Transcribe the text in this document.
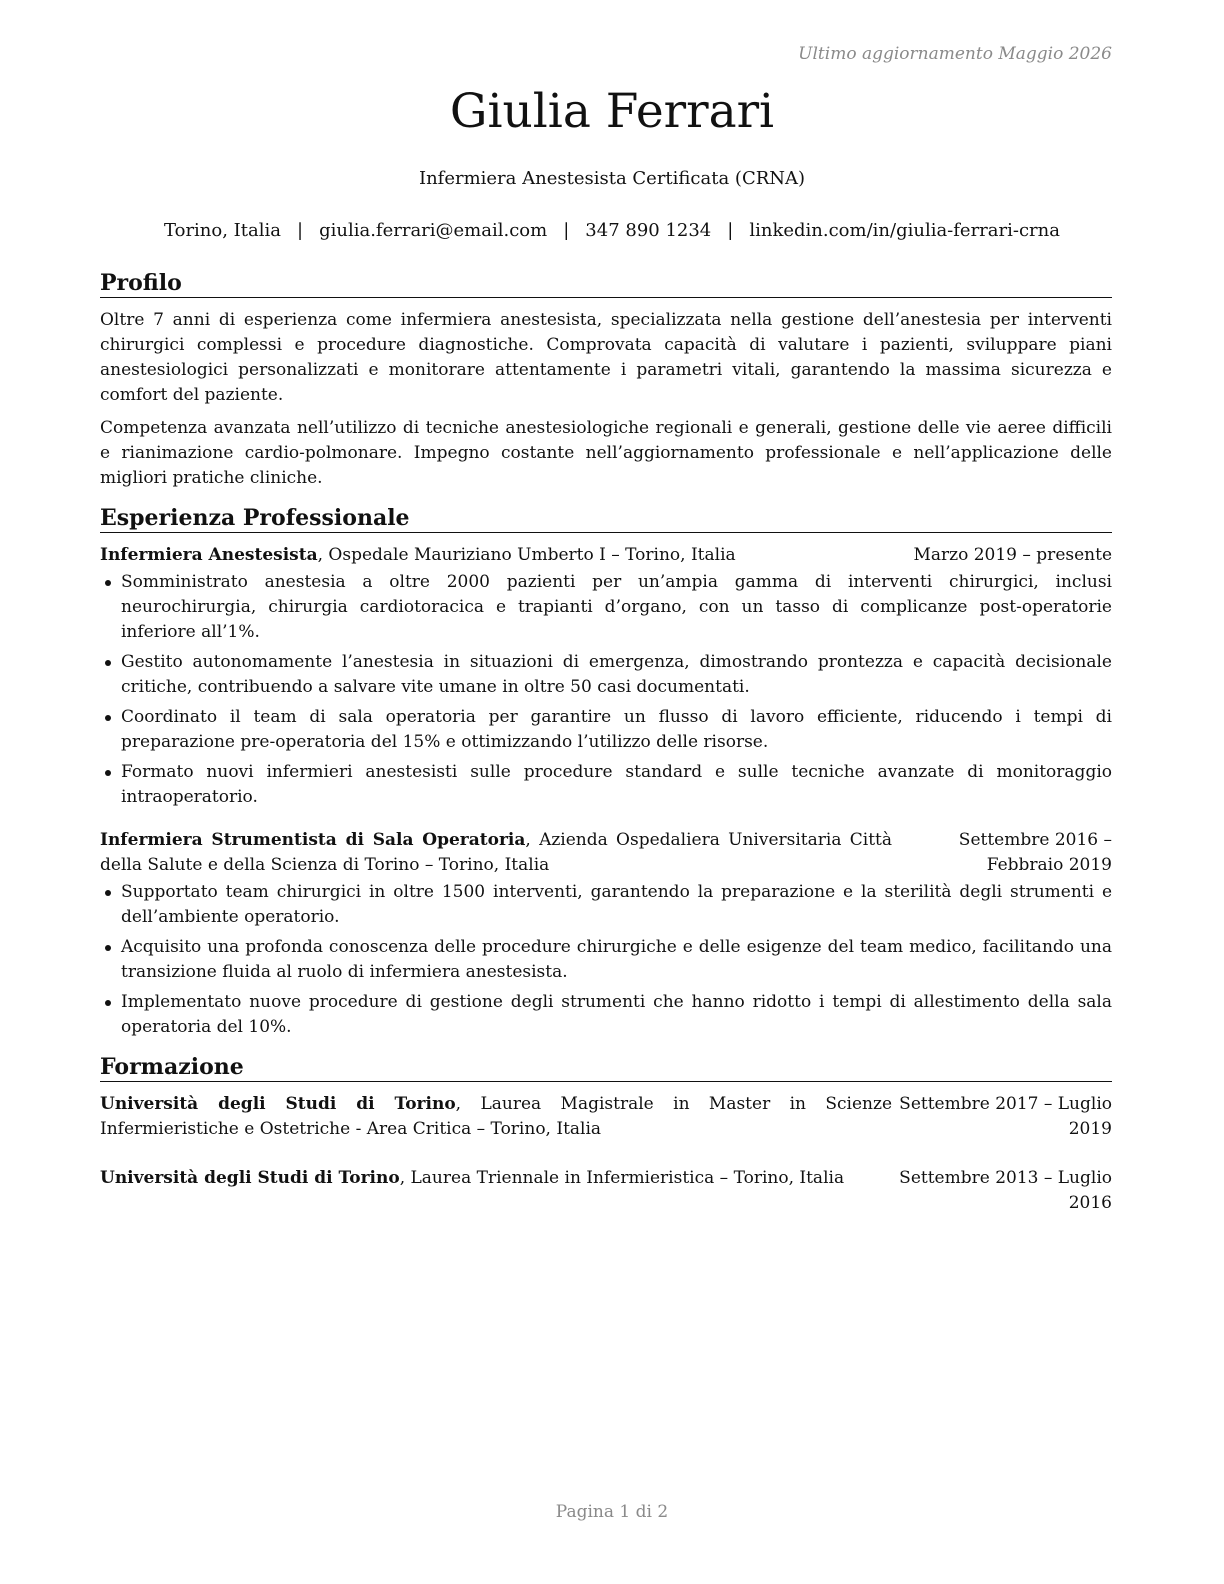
Ultimo aggiornamento Maggio 2026
Giulia Ferrari
Infermiera Anestesista Certificata (CRNA)
Torino, Italia | giulia.ferrari@email.com | 347 890 1234 | linkedin.com/in/giulia-ferrari-crna
Profilo

Oltre 7 anni di esperienza come infermiera anestesista, specializzata nella gestione dell’anestesia per interventi chirurgici complessi e procedure diagnostiche. Comprovata capacità di valutare i pazienti, sviluppare piani anestesiologici personalizzati e monitorare attentamente i parametri vitali, garantendo la massima sicurezza e comfort del paziente.

Competenza avanzata nell’utilizzo di tecniche anestesiologiche regionali e generali, gestione delle vie aeree difficili e rianimazione cardio-polmonare. Impegno costante nell’aggiornamento professionale e nell’applicazione delle migliori pratiche cliniche.

Esperienza Professionale
Infermiera Anestesista, Ospedale Mauriziano Umberto I – Torino, Italia	Marzo 2019 – presente
Somministrato anestesia a oltre 2000 pazienti per un’ampia gamma di interventi chirurgici, inclusi neurochirurgia, chirurgia cardiotoracica e trapianti d’organo, con un tasso di complicanze post-operatorie inferiore all’1%.
Gestito autonomamente l’anestesia in situazioni di emergenza, dimostrando prontezza e capacità decisionale critiche, contribuendo a salvare vite umane in oltre 50 casi documentati.
Coordinato il team di sala operatoria per garantire un flusso di lavoro efficiente, riducendo i tempi di preparazione pre-operatoria del 15% e ottimizzando l’utilizzo delle risorse.
Formato nuovi infermieri anestesisti sulle procedure standard e sulle tecniche avanzate di monitoraggio intraoperatorio.
Infermiera Strumentista di Sala Operatoria, Azienda Ospedaliera Universitaria Città della Salute e della Scienza di Torino – Torino, Italia
Settembre 2016 – Febbraio 2019
Supportato team chirurgici in oltre 1500 interventi, garantendo la preparazione e la sterilità degli strumenti e dell’ambiente operatorio.
Acquisito una profonda conoscenza delle procedure chirurgiche e delle esigenze del team medico, facilitando una transizione fluida al ruolo di infermiera anestesista.
Implementato nuove procedure di gestione degli strumenti che hanno ridotto i tempi di allestimento della sala operatoria del 10%.
Formazione
Università degli Studi di Torino, Laurea Magistrale in Master in Scienze Infermieristiche e Ostetriche - Area Critica – Torino, Italia
Settembre 2017 – Luglio 2019
Università degli Studi di Torino, Laurea Triennale in Infermieristica – Torino, Italia	Settembre 2013 – Luglio 2016
Pagina 1 di 2
